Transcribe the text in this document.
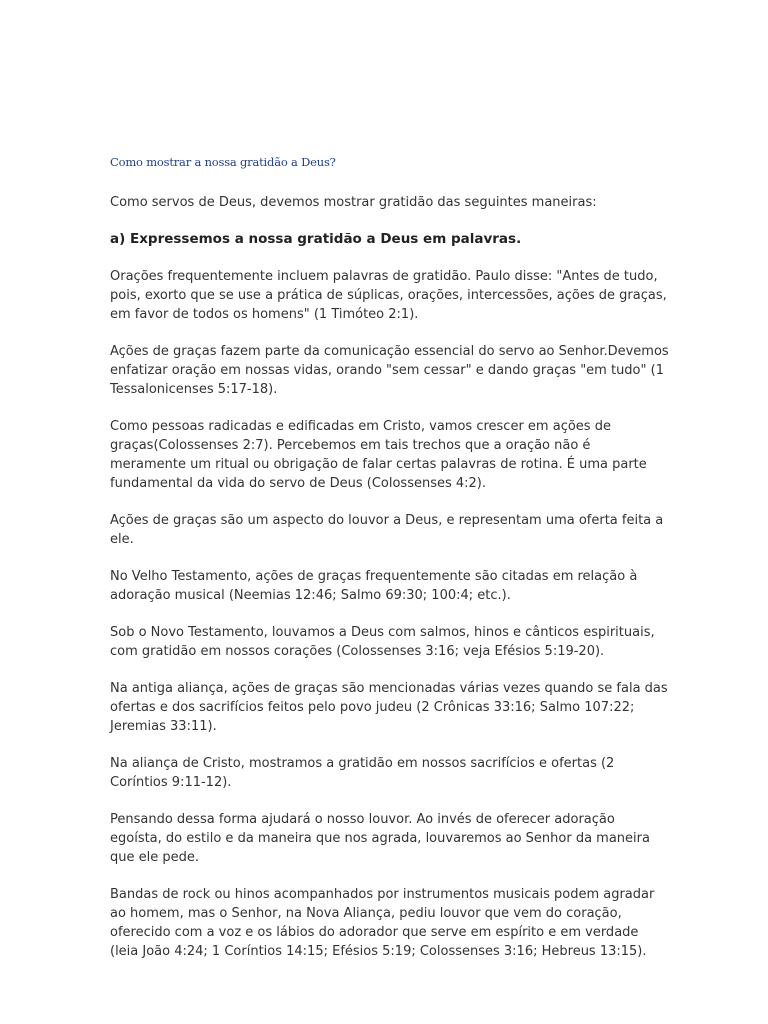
Como mostrar a nossa gratidão a Deus?
Como servos de Deus, devemos mostrar gratidão das seguintes maneiras:
a) Expressemos a nossa gratidão a Deus em palavras.
Orações frequentemente incluem palavras de gratidão. Paulo disse: "Antes de tudo, pois, exorto que se use a prática de súplicas, orações, intercessões, ações de graças, em favor de todos os homens" (1 Timóteo 2:1).
Ações de graças fazem parte da comunicação essencial do servo ao Senhor.Devemos enfatizar oração em nossas vidas, orando "sem cessar" e dando graças "em tudo" (1 Tessalonicenses 5:17-18).
Como pessoas radicadas e edificadas em Cristo, vamos crescer em ações de graças(Colossenses 2:7). Percebemos em tais trechos que a oração não é meramente um ritual ou obrigação de falar certas palavras de rotina. É uma parte fundamental da vida do servo de Deus (Colossenses 4:2).
Ações de graças são um aspecto do louvor a Deus, e representam uma oferta feita a ele.
No Velho Testamento, ações de graças frequentemente são citadas em relação à adoração musical (Neemias 12:46; Salmo 69:30; 100:4; etc.).
Sob o Novo Testamento, louvamos a Deus com salmos, hinos e cânticos espirituais, com gratidão em nossos corações (Colossenses 3:16; veja Efésios 5:19-20).
Na antiga aliança, ações de graças são mencionadas várias vezes quando se fala das ofertas e dos sacrifícios feitos pelo povo judeu (2 Crônicas 33:16; Salmo 107:22; Jeremias 33:11).
Na aliança de Cristo, mostramos a gratidão em nossos sacrifícios e ofertas (2 Coríntios 9:11-12).
Pensando dessa forma ajudará o nosso louvor. Ao invés de oferecer adoração egoísta, do estilo e da maneira que nos agrada, louvaremos ao Senhor da maneira que ele pede.
Bandas de rock ou hinos acompanhados por instrumentos musicais podem agradar ao homem, mas o Senhor, na Nova Aliança, pediu louvor que vem do coração, oferecido com a voz e os lábios do adorador que serve em espírito e em verdade (leia João 4:24; 1 Coríntios 14:15; Efésios 5:19; Colossenses 3:16; Hebreus 13:15).
